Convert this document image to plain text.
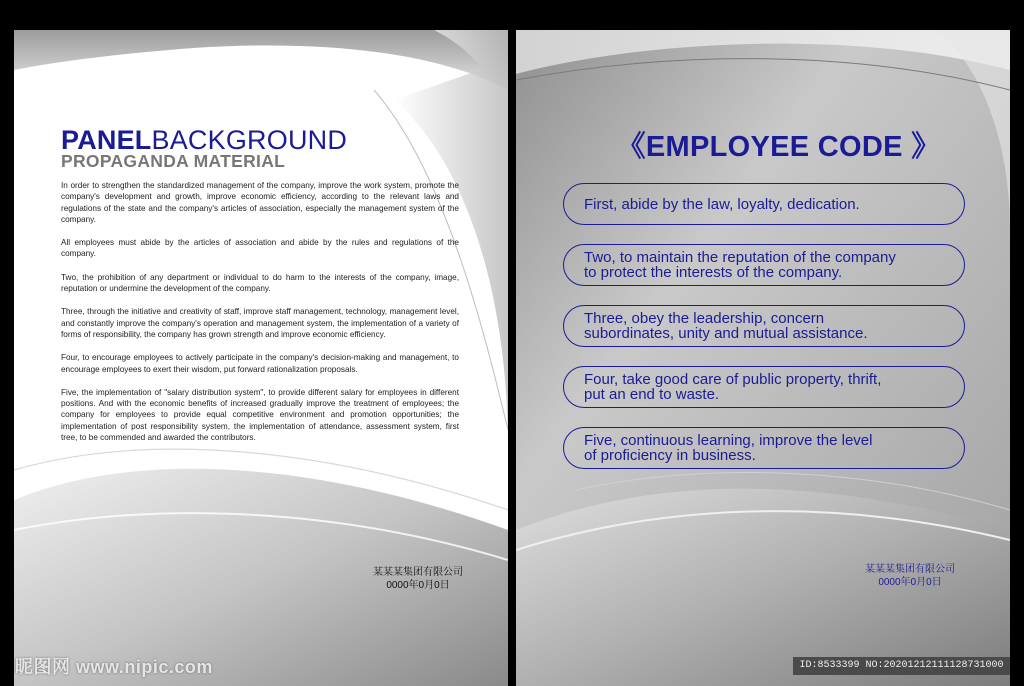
PANELBACKGROUND
PROPAGANDA MATERIAL

In order to strengthen the standardized management of the company, improve the work system, promote the company's development and growth, improve economic efficiency, according to the relevant laws and regulations of the state and the company's articles of association, especially the management system of the company.

All employees must abide by the articles of association and abide by the rules and regulations of the company.

Two, the prohibition of any department or individual to do harm to the interests of the company, image, reputation or undermine the development of the company.

Three, through the initiative and creativity of staff, improve staff management, technology, management level, and constantly improve the company's operation and management system, the implementation of a variety of forms of responsibility, the company has grown strength and improve economic efficiency.

Four, to encourage employees to actively participate in the company's decision-making and management, to encourage employees to exert their wisdom, put forward rationalization proposals.

Five, the implementation of "salary distribution system", to provide different salary for employees in different positions. And with the economic benefits of increased gradually improve the treatment of employees; the company for employees to provide equal competitive environment and promotion opportunities; the implementation of post responsibility system, the implementation of attendance, assessment system, first tree, to be commended and awarded the contributors.

某某某集团有限公司
0000年0月0日
《EMPLOYEE CODE 》
First, abide by the law, loyalty, dedication.
Two, to maintain the reputation of the company
to protect the interests of the company.
Three, obey the leadership, concern
subordinates, unity and mutual assistance.
Four, take good care of public property, thrift,
put an end to waste.
Five, continuous learning, improve the level
of proficiency in business.
某某某集团有限公司
0000年0月0日
昵图网 www.nipic.com	ID:8533399 NO:20201212111128731000
